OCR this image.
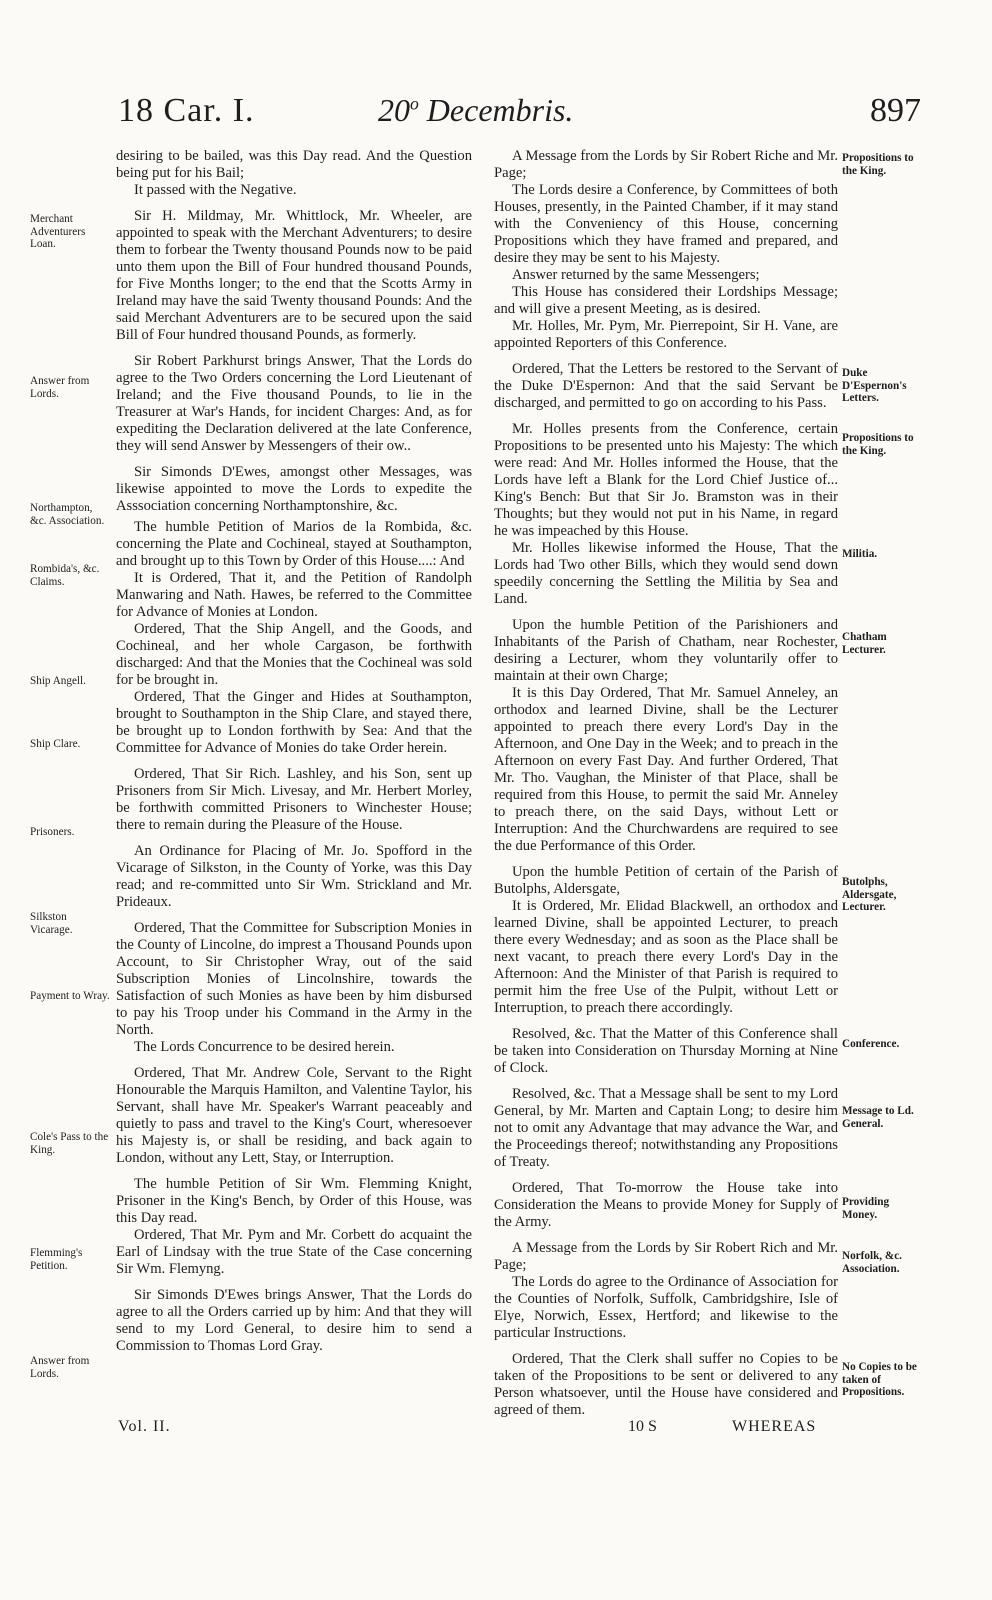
18 Car. I.	20$^o$ Decembris.	897

desiring to be bailed, was this Day read. And the Question being put for his Bail;

It passed with the Negative.

Sir H. Mildmay, Mr. Whittlock, Mr. Wheeler, are appointed to speak with the Merchant Adventurers; to desire them to forbear the Twenty thousand Pounds now to be paid unto them upon the Bill of Four hundred thousand Pounds, for Five Months longer; to the end that the Scotts Army in Ireland may have the said Twenty thousand Pounds: And the said Merchant Adventurers are to be secured upon the said Bill of Four hundred thousand Pounds, as formerly.

Sir Robert Parkhurst brings Answer, That the Lords do agree to the Two Orders concerning the Lord Lieutenant of Ireland; and the Five thousand Pounds, to lie in the Treasurer at War's Hands, for incident Charges: And, as for expediting the Declaration delivered at the late Conference, they will send Answer by Messengers of their ow..

Sir Simonds D'Ewes, amongst other Messages, was likewise appointed to move the Lords to expedite the Asssociation concerning Northamptonshire, &c.

The humble Petition of Marios de la Rombida, &c. concerning the Plate and Cochineal, stayed at Southampton, and brought up to this Town by Order of this House....: And

It is Ordered, That it, and the Petition of Randolph Manwaring and Nath. Hawes, be referred to the Committee for Advance of Monies at London.

Ordered, That the Ship Angell, and the Goods, and Cochineal, and her whole Cargason, be forthwith discharged: And that the Monies that the Cochineal was sold for be brought in.

Ordered, That the Ginger and Hides at Southampton, brought to Southampton in the Ship Clare, and stayed there, be brought up to London forthwith by Sea: And that the Committee for Advance of Monies do take Order herein.

Ordered, That Sir Rich. Lashley, and his Son, sent up Prisoners from Sir Mich. Livesay, and Mr. Herbert Morley, be forthwith committed Prisoners to Winchester House; there to remain during the Pleasure of the House.

An Ordinance for Placing of Mr. Jo. Spofford in the Vicarage of Silkston, in the County of Yorke, was this Day read; and re-committed unto Sir Wm. Strickland and Mr. Prideaux.

Ordered, That the Committee for Subscription Monies in the County of Lincolne, do imprest a Thousand Pounds upon Account, to Sir Christopher Wray, out of the said Subscription Monies of Lincolnshire, towards the Satisfaction of such Monies as have been by him disbursed to pay his Troop under his Command in the Army in the North.

The Lords Concurrence to be desired herein.

Ordered, That Mr. Andrew Cole, Servant to the Right Honourable the Marquis Hamilton, and Valentine Taylor, his Servant, shall have Mr. Speaker's Warrant peaceably and quietly to pass and travel to the King's Court, wheresoever his Majesty is, or shall be residing, and back again to London, without any Lett, Stay, or Interruption.

The humble Petition of Sir Wm. Flemming Knight, Prisoner in the King's Bench, by Order of this House, was this Day read.

Ordered, That Mr. Pym and Mr. Corbett do acquaint the Earl of Lindsay with the true State of the Case concerning Sir Wm. Flemyng.

Sir Simonds D'Ewes brings Answer, That the Lords do agree to all the Orders carried up by him: And that they will send to my Lord General, to desire him to send a Commission to Thomas Lord Gray.

A Message from the Lords by Sir Robert Riche and Mr. Page;

The Lords desire a Conference, by Committees of both Houses, presently, in the Painted Chamber, if it may stand with the Conveniency of this House, concerning Propositions which they have framed and prepared, and desire they may be sent to his Majesty.

Answer returned by the same Messengers;

This House has considered their Lordships Message; and will give a present Meeting, as is desired.

Mr. Holles, Mr. Pym, Mr. Pierrepoint, Sir H. Vane, are appointed Reporters of this Conference.

Ordered, That the Letters be restored to the Servant of the Duke D'Espernon: And that the said Servant be discharged, and permitted to go on according to his Pass.

Mr. Holles presents from the Conference, certain Propositions to be presented unto his Majesty: The which were read: And Mr. Holles informed the House, that the Lords have left a Blank for the Lord Chief Justice of... King's Bench: But that Sir Jo. Bramston was in their Thoughts; but they would not put in his Name, in regard he was impeached by this House.

Mr. Holles likewise informed the House, That the Lords had Two other Bills, which they would send down speedily concerning the Settling the Militia by Sea and Land.

Upon the humble Petition of the Parishioners and Inhabitants of the Parish of Chatham, near Rochester, desiring a Lecturer, whom they voluntarily offer to maintain at their own Charge;

It is this Day Ordered, That Mr. Samuel Anneley, an orthodox and learned Divine, shall be the Lecturer appointed to preach there every Lord's Day in the Afternoon, and One Day in the Week; and to preach in the Afternoon on every Fast Day. And further Ordered, That Mr. Tho. Vaughan, the Minister of that Place, shall be required from this House, to permit the said Mr. Anneley to preach there, on the said Days, without Lett or Interruption: And the Churchwardens are required to see the due Performance of this Order.

Upon the humble Petition of certain of the Parish of Butolphs, Aldersgate,

It is Ordered, Mr. Elidad Blackwell, an orthodox and learned Divine, shall be appointed Lecturer, to preach there every Wednesday; and as soon as the Place shall be next vacant, to preach there every Lord's Day in the Afternoon: And the Minister of that Parish is required to permit him the free Use of the Pulpit, without Lett or Interruption, to preach there accordingly.

Resolved, &c. That the Matter of this Conference shall be taken into Consideration on Thursday Morning at Nine of Clock.

Resolved, &c. That a Message shall be sent to my Lord General, by Mr. Marten and Captain Long; to desire him not to omit any Advantage that may advance the War, and the Proceedings thereof; notwithstanding any Propositions of Treaty.

Ordered, That To-morrow the House take into Consideration the Means to provide Money for Supply of the Army.

A Message from the Lords by Sir Robert Rich and Mr. Page;

The Lords do agree to the Ordinance of Association for the Counties of Norfolk, Suffolk, Cambridgshire, Isle of Elye, Norwich, Essex, Hertford; and likewise to the particular Instructions.

Ordered, That the Clerk shall suffer no Copies to be taken of the Propositions to be sent or delivered to any Person whatsoever, until the House have considered and agreed of them.

Merchant Adventurers Loan.
Answer from Lords.
Northampton, &c. Association.
Rombida's, &c. Claims.
Ship Angell.
Ship Clare.
Prisoners.
Silkston Vicarage.
Payment to Wray.
Cole's Pass to the King.
Flemming's Petition.
Answer from Lords.
Propositions to the King.
Duke D'Espernon's Letters.
Propositions to the King.
Militia.
Chatham Lecturer.
Butolphs, Aldersgate, Lecturer.
Conference.
Message to Ld. General.
Providing Money.
Norfolk, &c. Association.
No Copies to be taken of Propositions.
Vol. II.	10 S	WHEREAS
